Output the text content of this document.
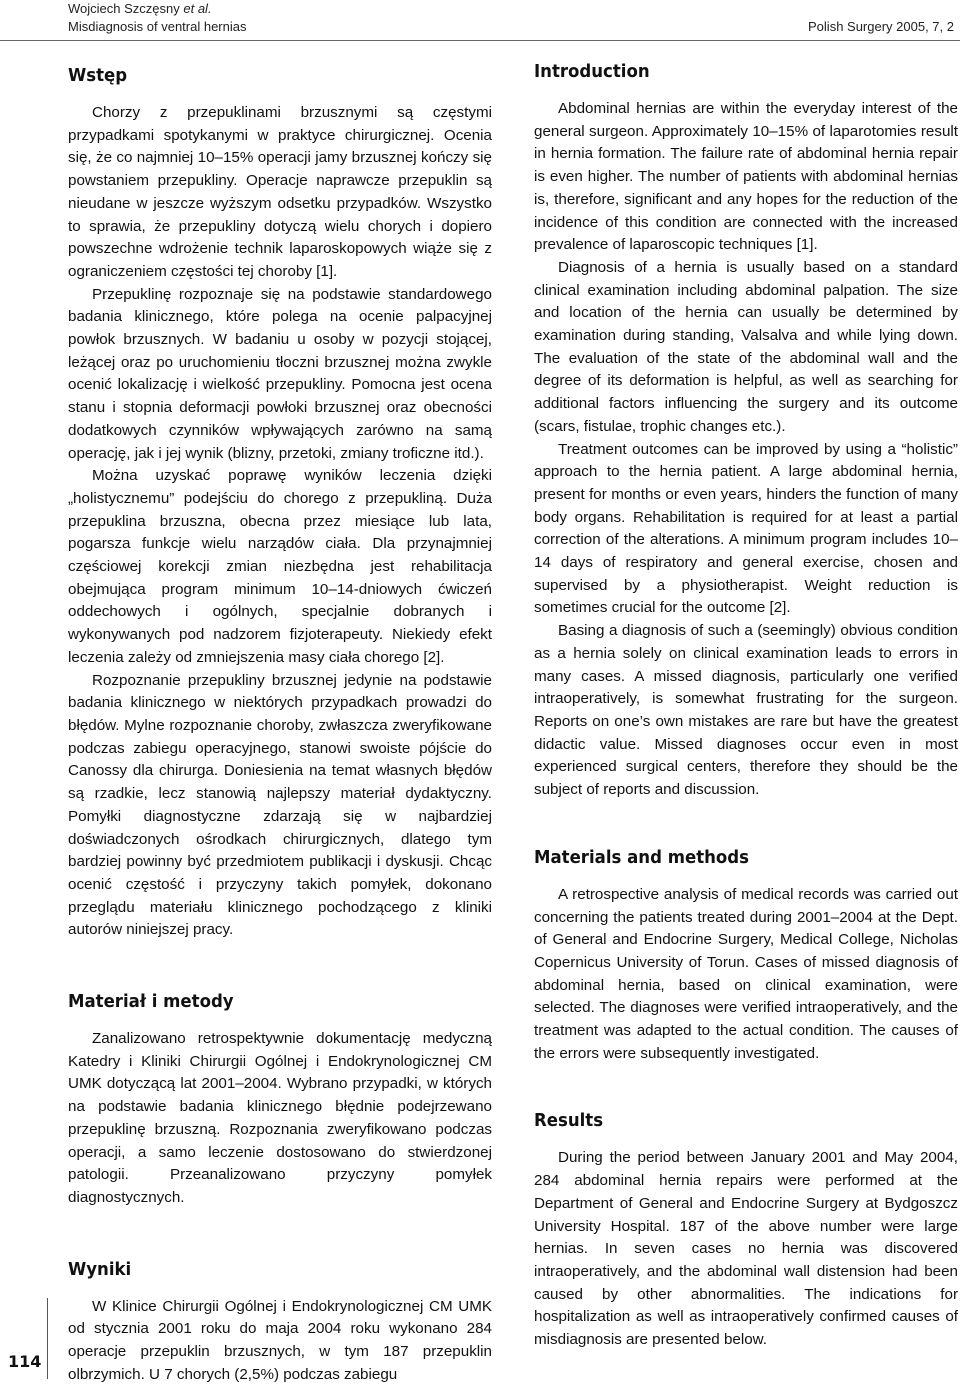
Wojciech Szczęsny et al.
Misdiagnosis of ventral hernias	Polish Surgery 2005, 7, 2
Wstęp

Chorzy z przepuklinami brzusznymi są częstymi przypadkami spotykanymi w praktyce chirurgicznej. Ocenia się, że co najmniej 10–15% operacji jamy brzusznej kończy się powstaniem przepukliny. Operacje naprawcze przepuklin są nieudane w jeszcze wyższym odsetku przypadków. Wszystko to sprawia, że przepukliny dotyczą wielu chorych i dopiero powszechne wdrożenie technik laparoskopowych wiąże się z ograniczeniem częstości tej choroby [1].

Przepuklinę rozpoznaje się na podstawie standardowego badania klinicznego, które polega na ocenie palpacyjnej powłok brzusznych. W badaniu u osoby w pozycji stojącej, leżącej oraz po uruchomieniu tłoczni brzusznej można zwykle ocenić lokalizację i wielkość przepukliny. Pomocna jest ocena stanu i stopnia deformacji powłoki brzusznej oraz obecności dodatkowych czynników wpływających zarówno na samą operację, jak i jej wynik (blizny, przetoki, zmiany troficzne itd.).

Można uzyskać poprawę wyników leczenia dzięki „holistycznemu” podejściu do chorego z przepukliną. Duża przepuklina brzuszna, obecna przez miesiące lub lata, pogarsza funkcje wielu narządów ciała. Dla przynajmniej częściowej korekcji zmian niezbędna jest rehabilitacja obejmująca program minimum 10–14-dniowych ćwiczeń oddechowych i ogólnych, specjalnie dobranych i wykonywanych pod nadzorem fizjoterapeuty. Niekiedy efekt leczenia zależy od zmniejszenia masy ciała chorego [2].

Rozpoznanie przepukliny brzusznej jedynie na podstawie badania klinicznego w niektórych przypadkach prowadzi do błędów. Mylne rozpoznanie choroby, zwłaszcza zweryfikowane podczas zabiegu operacyjnego, stanowi swoiste pójście do Canossy dla chirurga. Doniesienia na temat własnych błędów są rzadkie, lecz stanowią najlepszy materiał dydaktyczny. Pomyłki diagnostyczne zdarzają się w najbardziej doświadczonych ośrodkach chirurgicznych, dlatego tym bardziej powinny być przedmiotem publikacji i dyskusji. Chcąc ocenić częstość i przyczyny takich pomyłek, dokonano przeglądu materiału klinicznego pochodzącego z kliniki autorów niniejszej pracy.

Materiał i metody

Zanalizowano retrospektywnie dokumentację medyczną Katedry i Kliniki Chirurgii Ogólnej i Endokrynologicznej CM UMK dotyczącą lat 2001–2004. Wybrano przypadki, w których na podstawie badania klinicznego błędnie podejrzewano przepuklinę brzuszną. Rozpoznania zweryfikowano podczas operacji, a samo leczenie dostosowano do stwierdzonej patologii. Przeanalizowano przyczyny pomyłek diagnostycznych.

Wyniki

W Klinice Chirurgii Ogólnej i Endokrynologicznej CM UMK od stycznia 2001 roku do maja 2004 roku wykonano 284 operacje przepuklin brzusznych, w tym 187 przepuklin olbrzymich. U 7 chorych (2,5%) podczas zabiegu

Introduction

Abdominal hernias are within the everyday interest of the general surgeon. Approximately 10–15% of laparotomies result in hernia formation. The failure rate of abdominal hernia repair is even higher. The number of patients with abdominal hernias is, therefore, significant and any hopes for the reduction of the incidence of this condition are connected with the increased prevalence of laparoscopic techniques [1].

Diagnosis of a hernia is usually based on a standard clinical examination including abdominal palpation. The size and location of the hernia can usually be determined by examination during standing, Valsalva and while lying down. The evaluation of the state of the abdominal wall and the degree of its deformation is helpful, as well as searching for additional factors influencing the surgery and its outcome (scars, fistulae, trophic changes etc.).

Treatment outcomes can be improved by using a “holistic” approach to the hernia patient. A large abdominal hernia, present for months or even years, hinders the function of many body organs. Rehabilitation is required for at least a partial correction of the alterations. A minimum program includes 10–14 days of respiratory and general exercise, chosen and supervised by a physiotherapist. Weight reduction is sometimes crucial for the outcome [2].

Basing a diagnosis of such a (seemingly) obvious condition as a hernia solely on clinical examination leads to errors in many cases. A missed diagnosis, particularly one verified intraoperatively, is somewhat frustrating for the surgeon. Reports on one’s own mistakes are rare but have the greatest didactic value. Missed diagnoses occur even in most experienced surgical centers, therefore they should be the subject of reports and discussion.

Materials and methods

A retrospective analysis of medical records was carried out concerning the patients treated during 2001–2004 at the Dept. of General and Endocrine Surgery, Medical College, Nicholas Copernicus University of Torun. Cases of missed diagnosis of abdominal hernia, based on clinical examination, were selected. The diagnoses were verified intraoperatively, and the treatment was adapted to the actual condition. The causes of the errors were subsequently investigated.

Results

During the period between January 2001 and May 2004, 284 abdominal hernia repairs were performed at the Department of General and Endocrine Surgery at Bydgoszcz University Hospital. 187 of the above number were large hernias. In seven cases no hernia was discovered intraoperatively, and the abdominal wall distension had been caused by other abnormalities. The indications for hospitalization as well as intraoperatively confirmed causes of misdiagnosis are presented below.

114
